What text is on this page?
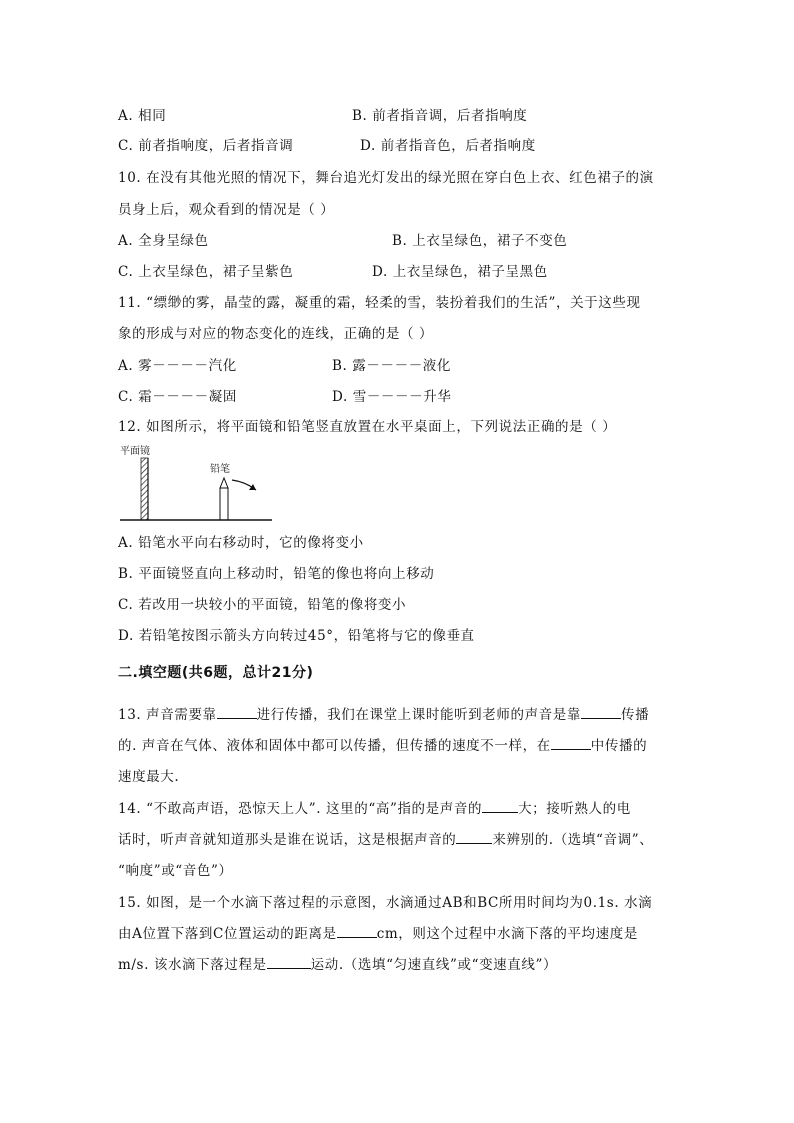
A. 相同	B. 前者指音调，后者指响度
C. 前者指响度，后者指音调	D. 前者指音色，后者指响度
10. 在没有其他光照的情况下，舞台追光灯发出的绿光照在穿白色上衣、红色裙子的演
员身上后，观众看到的情况是（ ）
A. 全身呈绿色	B. 上衣呈绿色，裙子不变色
C. 上衣呈绿色，裙子呈紫色	D. 上衣呈绿色，裙子呈黑色
11. “缥缈的雾，晶莹的露，凝重的霜，轻柔的雪，装扮着我们的生活”，关于这些现
象的形成与对应的物态变化的连线，正确的是（ ）
A. 雾－－－－汽化	B. 露－－－－液化
C. 霜－－－－凝固	D. 雪－－－－升华
12. 如图所示，将平面镜和铅笔竖直放置在水平桌面上，下列说法正确的是（ ）
平面镜
铅笔
A. 铅笔水平向右移动时，它的像将变小
B. 平面镜竖直向上移动时，铅笔的像也将向上移动
C. 若改用一块较小的平面镜，铅笔的像将变小
D. 若铅笔按图示箭头方向转过45°，铅笔将与它的像垂直
二.填空题(共6题，总计21分)
13. 声音需要靠	进行传播，我们在课堂上课时能听到老师的声音是靠	传播
的. 声音在气体、液体和固体中都可以传播，但传播的速度不一样，在	中传播的
速度最大.
14. “不敢高声语，恐惊天上人”. 这里的“高”指的是声音的	大；接听熟人的电
话时，听声音就知道那头是谁在说话，这是根据声音的	来辨别的.（选填“音调”、
“响度”或“音色”）
15. 如图，是一个水滴下落过程的示意图，水滴通过AB和BC所用时间均为0.1s. 水滴
由A位置下落到C位置运动的距离是	cm，则这个过程中水滴下落的平均速度是
m/s. 该水滴下落过程是	运动.（选填“匀速直线”或“变速直线”）
